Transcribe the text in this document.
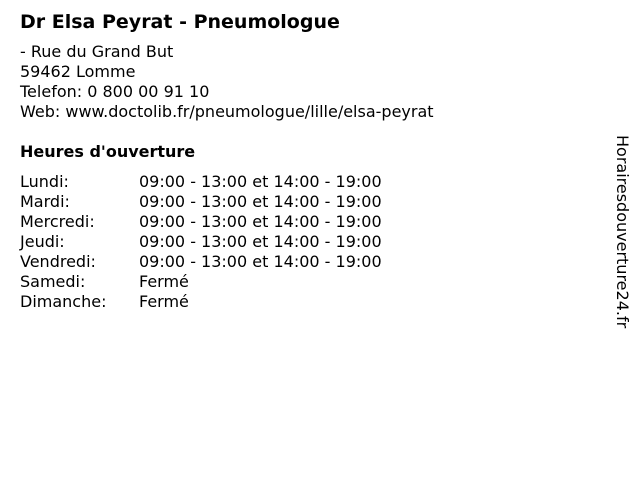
Dr Elsa Peyrat - Pneumologue
- Rue du Grand But
59462 Lomme
Telefon: 0 800 00 91 10
Web: www.doctolib.fr/pneumologue/lille/elsa-peyrat
Heures d'ouverture
Lundi:	09:00 - 13:00 et 14:00 - 19:00
Mardi:	09:00 - 13:00 et 14:00 - 19:00
Mercredi:	09:00 - 13:00 et 14:00 - 19:00
Jeudi:	09:00 - 13:00 et 14:00 - 19:00
Vendredi:	09:00 - 13:00 et 14:00 - 19:00
Samedi:	Fermé
Dimanche:	Fermé	Horairesdouverture24.fr
